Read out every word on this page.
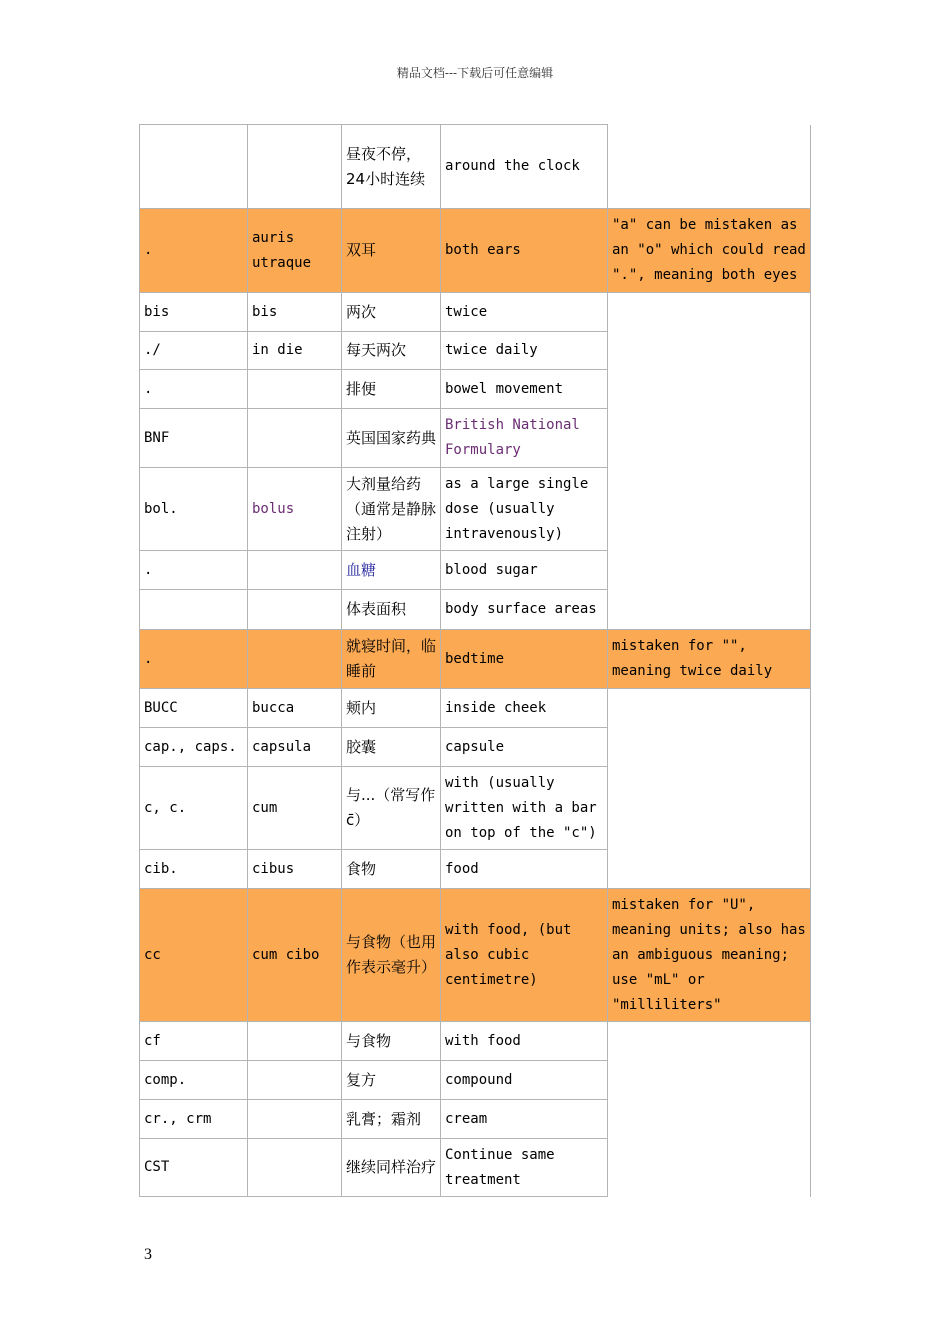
精品文档---下载后可任意编辑
		昼夜不停，24小时连续	around the clock	
.	auris utraque	双耳	both ears	"a" can be mistaken as an "o" which could read ".", meaning both eyes
bis	bis	两次	twice	
./	in die	每天两次	twice daily	
.		排便	bowel movement	
BNF		英国国家药典	British National Formulary	
bol.	bolus	大剂量给药（通常是静脉注射）	as a large single dose (usually intravenously)	
.		血糖	blood sugar	
		体表面积	body surface areas	
.		就寝时间，临睡前	bedtime	mistaken for "", meaning twice daily
BUCC	bucca	颊内	inside cheek	
cap., caps.	capsula	胶囊	capsule	
c, c.	cum	与...（常写作c̄）	with (usually written with a bar on top of the "c")	
cib.	cibus	食物	food	
cc	cum cibo	与食物（也用作表示毫升）	with food, (but also cubic centimetre)	mistaken for "U", meaning units; also has an ambiguous meaning; use "mL" or "milliliters"
cf		与食物	with food	
comp.		复方	compound	
cr., crm		乳膏；霜剂	cream	
CST		继续同样治疗	Continue same treatment	
3
